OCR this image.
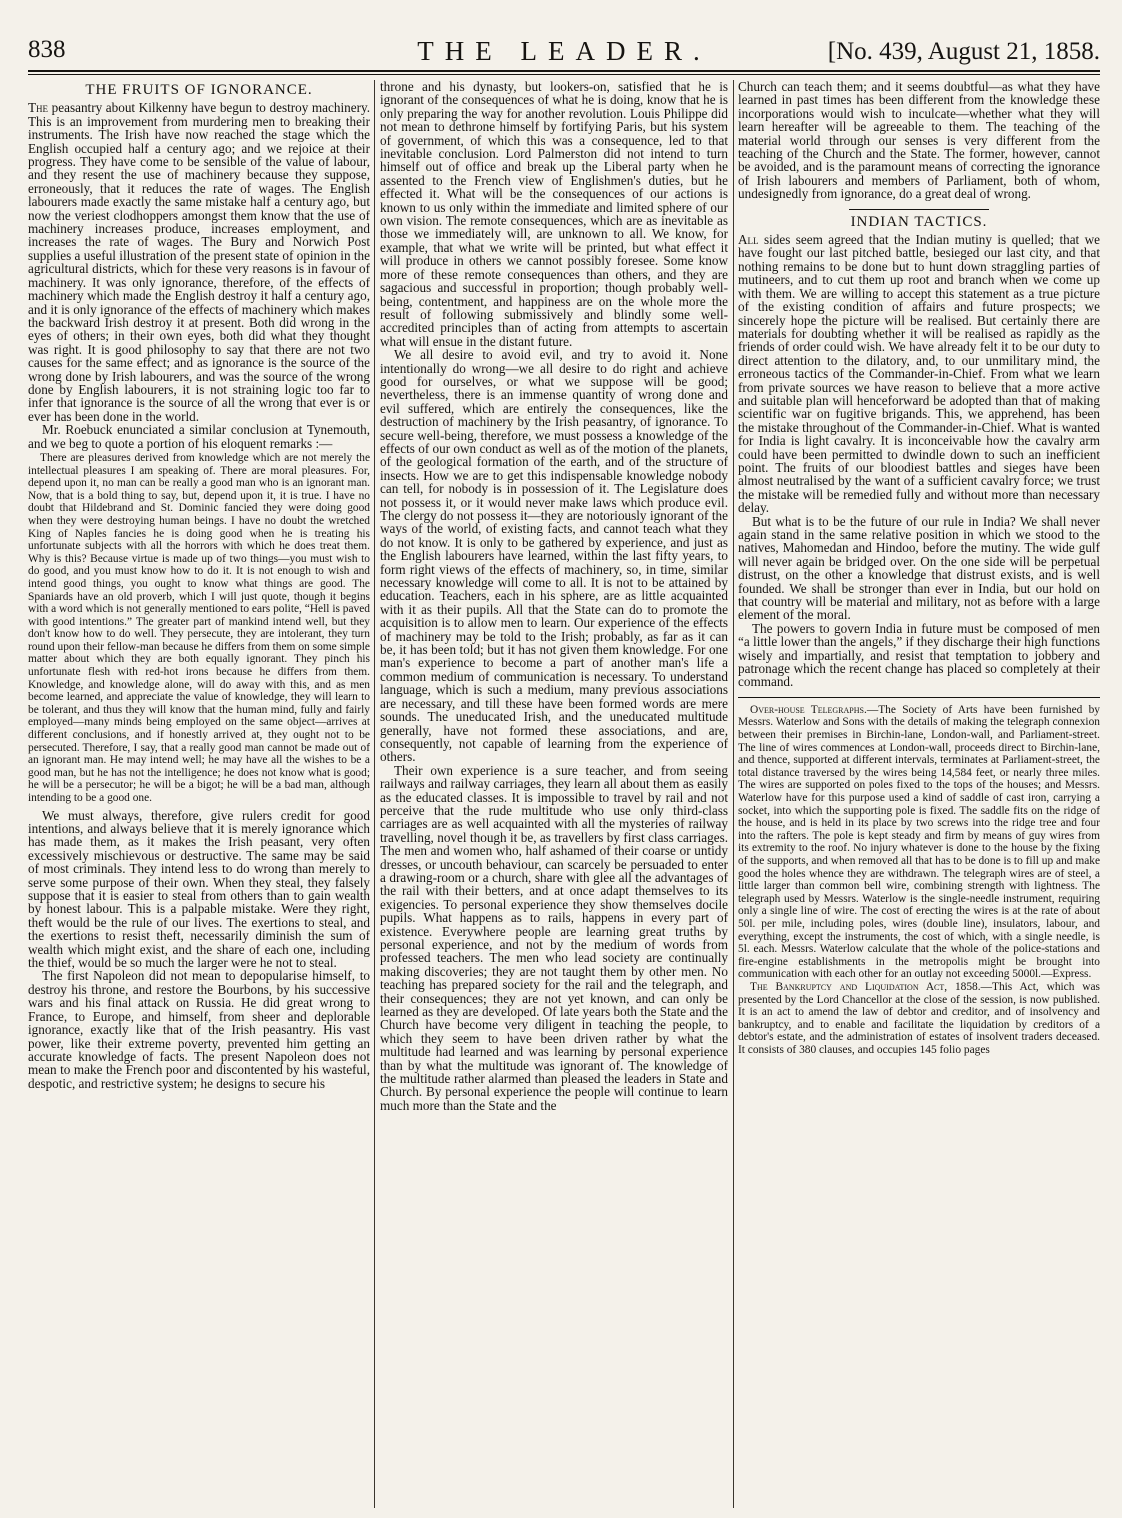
838	THE LEADER.	[No. 439, August 21, 1858.
THE FRUITS OF IGNORANCE.

The peasantry about Kilkenny have begun to destroy machinery. This is an improvement from murdering men to breaking their instruments. The Irish have now reached the stage which the English occupied half a century ago; and we rejoice at their progress. They have come to be sensible of the value of labour, and they resent the use of machinery because they suppose, erroneously, that it reduces the rate of wages. The English labourers made exactly the same mistake half a century ago, but now the veriest clodhoppers amongst them know that the use of machinery increases produce, increases employment, and increases the rate of wages. The Bury and Norwich Post supplies a useful illustration of the present state of opinion in the agricultural districts, which for these very reasons is in favour of machinery. It was only ignorance, therefore, of the effects of machinery which made the English destroy it half a century ago, and it is only ignorance of the effects of machinery which makes the backward Irish destroy it at present. Both did wrong in the eyes of others; in their own eyes, both did what they thought was right. It is good philosophy to say that there are not two causes for the same effect; and as ignorance is the source of the wrong done by Irish labourers, and was the source of the wrong done by English labourers, it is not straining logic too far to infer that ignorance is the source of all the wrong that ever is or ever has been done in the world.

Mr. Roebuck enunciated a similar conclusion at Tynemouth, and we beg to quote a portion of his eloquent remarks :—

There are pleasures derived from knowledge which are not merely the intellectual pleasures I am speaking of. There are moral pleasures. For, depend upon it, no man can be really a good man who is an ignorant man. Now, that is a bold thing to say, but, depend upon it, it is true. I have no doubt that Hildebrand and St. Dominic fancied they were doing good when they were destroying human beings. I have no doubt the wretched King of Naples fancies he is doing good when he is treating his unfortunate subjects with all the horrors with which he does treat them. Why is this? Because virtue is made up of two things—you must wish to do good, and you must know how to do it. It is not enough to wish and intend good things, you ought to know what things are good. The Spaniards have an old proverb, which I will just quote, though it begins with a word which is not generally mentioned to ears polite, “Hell is paved with good intentions.” The greater part of mankind intend well, but they don't know how to do well. They persecute, they are intolerant, they turn round upon their fellow-man because he differs from them on some simple matter about which they are both equally ignorant. They pinch his unfortunate flesh with red-hot irons because he differs from them. Knowledge, and knowledge alone, will do away with this, and as men become learned, and appreciate the value of knowledge, they will learn to be tolerant, and thus they will know that the human mind, fully and fairly employed—many minds being employed on the same object—arrives at different conclusions, and if honestly arrived at, they ought not to be persecuted. Therefore, I say, that a really good man cannot be made out of an ignorant man. He may intend well; he may have all the wishes to be a good man, but he has not the intelligence; he does not know what is good; he will be a persecutor; he will be a bigot; he will be a bad man, although intending to be a good one.

We must always, therefore, give rulers credit for good intentions, and always believe that it is merely ignorance which has made them, as it makes the Irish peasant, very often excessively mischievous or destructive. The same may be said of most criminals. They intend less to do wrong than merely to serve some purpose of their own. When they steal, they falsely suppose that it is easier to steal from others than to gain wealth by honest labour. This is a palpable mistake. Were they right, theft would be the rule of our lives. The exertions to steal, and the exertions to resist theft, necessarily diminish the sum of wealth which might exist, and the share of each one, including the thief, would be so much the larger were he not to steal.

The first Napoleon did not mean to depopularise himself, to destroy his throne, and restore the Bourbons, by his successive wars and his final attack on Russia. He did great wrong to France, to Europe, and himself, from sheer and deplorable ignorance, exactly like that of the Irish peasantry. His vast power, like their extreme poverty, prevented him getting an accurate knowledge of facts. The present Napoleon does not mean to make the French poor and discontented by his wasteful, despotic, and restrictive system; he designs to secure his

throne and his dynasty, but lookers-on, satisfied that he is ignorant of the consequences of what he is doing, know that he is only preparing the way for another revolution. Louis Philippe did not mean to dethrone himself by fortifying Paris, but his system of government, of which this was a consequence, led to that inevitable conclusion. Lord Palmerston did not intend to turn himself out of office and break up the Liberal party when he assented to the French view of Englishmen's duties, but he effected it. What will be the consequences of our actions is known to us only within the immediate and limited sphere of our own vision. The remote consequences, which are as inevitable as those we immediately will, are unknown to all. We know, for example, that what we write will be printed, but what effect it will produce in others we cannot possibly foresee. Some know more of these remote consequences than others, and they are sagacious and successful in proportion; though probably well-being, contentment, and happiness are on the whole more the result of following submissively and blindly some well-accredited principles than of acting from attempts to ascertain what will ensue in the distant future.

We all desire to avoid evil, and try to avoid it. None intentionally do wrong—we all desire to do right and achieve good for ourselves, or what we suppose will be good; nevertheless, there is an immense quantity of wrong done and evil suffered, which are entirely the consequences, like the destruction of machinery by the Irish peasantry, of ignorance. To secure well-being, therefore, we must possess a knowledge of the effects of our own conduct as well as of the motion of the planets, of the geological formation of the earth, and of the structure of insects. How we are to get this indispensable knowledge nobody can tell, for nobody is in possession of it. The Legislature does not possess it, or it would never make laws which produce evil. The clergy do not possess it—they are notoriously ignorant of the ways of the world, of existing facts, and cannot teach what they do not know. It is only to be gathered by experience, and just as the English labourers have learned, within the last fifty years, to form right views of the effects of machinery, so, in time, similar necessary knowledge will come to all. It is not to be attained by education. Teachers, each in his sphere, are as little acquainted with it as their pupils. All that the State can do to promote the acquisition is to allow men to learn. Our experience of the effects of machinery may be told to the Irish; probably, as far as it can be, it has been told; but it has not given them knowledge. For one man's experience to become a part of another man's life a common medium of communication is necessary. To understand language, which is such a medium, many previous associations are necessary, and till these have been formed words are mere sounds. The uneducated Irish, and the uneducated multitude generally, have not formed these associations, and are, consequently, not capable of learning from the experience of others.

Their own experience is a sure teacher, and from seeing railways and railway carriages, they learn all about them as easily as the educated classes. It is impossible to travel by rail and not perceive that the rude multitude who use only third-class carriages are as well acquainted with all the mysteries of railway travelling, novel though it be, as travellers by first class carriages. The men and women who, half ashamed of their coarse or untidy dresses, or uncouth behaviour, can scarcely be persuaded to enter a drawing-room or a church, share with glee all the advantages of the rail with their betters, and at once adapt themselves to its exigencies. To personal experience they show themselves docile pupils. What happens as to rails, happens in every part of existence. Everywhere people are learning great truths by personal experience, and not by the medium of words from professed teachers. The men who lead society are continually making discoveries; they are not taught them by other men. No teaching has prepared society for the rail and the telegraph, and their consequences; they are not yet known, and can only be learned as they are developed. Of late years both the State and the Church have become very diligent in teaching the people, to which they seem to have been driven rather by what the multitude had learned and was learning by personal experience than by what the multitude was ignorant of. The knowledge of the multitude rather alarmed than pleased the leaders in State and Church. By personal experience the people will continue to learn much more than the State and the

Church can teach them; and it seems doubtful—as what they have learned in past times has been different from the knowledge these incorporations would wish to inculcate—whether what they will learn hereafter will be agreeable to them. The teaching of the material world through our senses is very different from the teaching of the Church and the State. The former, however, cannot be avoided, and is the paramount means of correcting the ignorance of Irish labourers and members of Parliament, both of whom, undesignedly from ignorance, do a great deal of wrong.

INDIAN TACTICS.

All sides seem agreed that the Indian mutiny is quelled; that we have fought our last pitched battle, besieged our last city, and that nothing remains to be done but to hunt down straggling parties of mutineers, and to cut them up root and branch when we come up with them. We are willing to accept this statement as a true picture of the existing condition of affairs and future prospects; we sincerely hope the picture will be realised. But certainly there are materials for doubting whether it will be realised as rapidly as the friends of order could wish. We have already felt it to be our duty to direct attention to the dilatory, and, to our unmilitary mind, the erroneous tactics of the Commander-in-Chief. From what we learn from private sources we have reason to believe that a more active and suitable plan will henceforward be adopted than that of making scientific war on fugitive brigands. This, we apprehend, has been the mistake throughout of the Commander-in-Chief. What is wanted for India is light cavalry. It is inconceivable how the cavalry arm could have been permitted to dwindle down to such an inefficient point. The fruits of our bloodiest battles and sieges have been almost neutralised by the want of a sufficient cavalry force; we trust the mistake will be remedied fully and without more than necessary delay.

But what is to be the future of our rule in India? We shall never again stand in the same relative position in which we stood to the natives, Mahomedan and Hindoo, before the mutiny. The wide gulf will never again be bridged over. On the one side will be perpetual distrust, on the other a knowledge that distrust exists, and is well founded. We shall be stronger than ever in India, but our hold on that country will be material and military, not as before with a large element of the moral.

The powers to govern India in future must be composed of men “a little lower than the angels,” if they discharge their high functions wisely and impartially, and resist that temptation to jobbery and patronage which the recent change has placed so completely at their command.

Over-house Telegraphs.—The Society of Arts have been furnished by Messrs. Waterlow and Sons with the details of making the telegraph connexion between their premises in Birchin-lane, London-wall, and Parliament-street. The line of wires commences at London-wall, proceeds direct to Birchin-lane, and thence, supported at different intervals, terminates at Parliament-street, the total distance traversed by the wires being 14,584 feet, or nearly three miles. The wires are supported on poles fixed to the tops of the houses; and Messrs. Waterlow have for this purpose used a kind of saddle of cast iron, carrying a socket, into which the supporting pole is fixed. The saddle fits on the ridge of the house, and is held in its place by two screws into the ridge tree and four into the rafters. The pole is kept steady and firm by means of guy wires from its extremity to the roof. No injury whatever is done to the house by the fixing of the supports, and when removed all that has to be done is to fill up and make good the holes whence they are withdrawn. The telegraph wires are of steel, a little larger than common bell wire, combining strength with lightness. The telegraph used by Messrs. Waterlow is the single-needle instrument, requiring only a single line of wire. The cost of erecting the wires is at the rate of about 50l. per mile, including poles, wires (double line), insulators, labour, and everything, except the instruments, the cost of which, with a single needle, is 5l. each. Messrs. Waterlow calculate that the whole of the police-stations and fire-engine establishments in the metropolis might be brought into communication with each other for an outlay not exceeding 5000l.—Express.

The Bankruptcy and Liquidation Act, 1858.—This Act, which was presented by the Lord Chancellor at the close of the session, is now published. It is an act to amend the law of debtor and creditor, and of insolvency and bankruptcy, and to enable and facilitate the liquidation by creditors of a debtor's estate, and the administration of estates of insolvent traders deceased. It consists of 380 clauses, and occupies 145 folio pages
